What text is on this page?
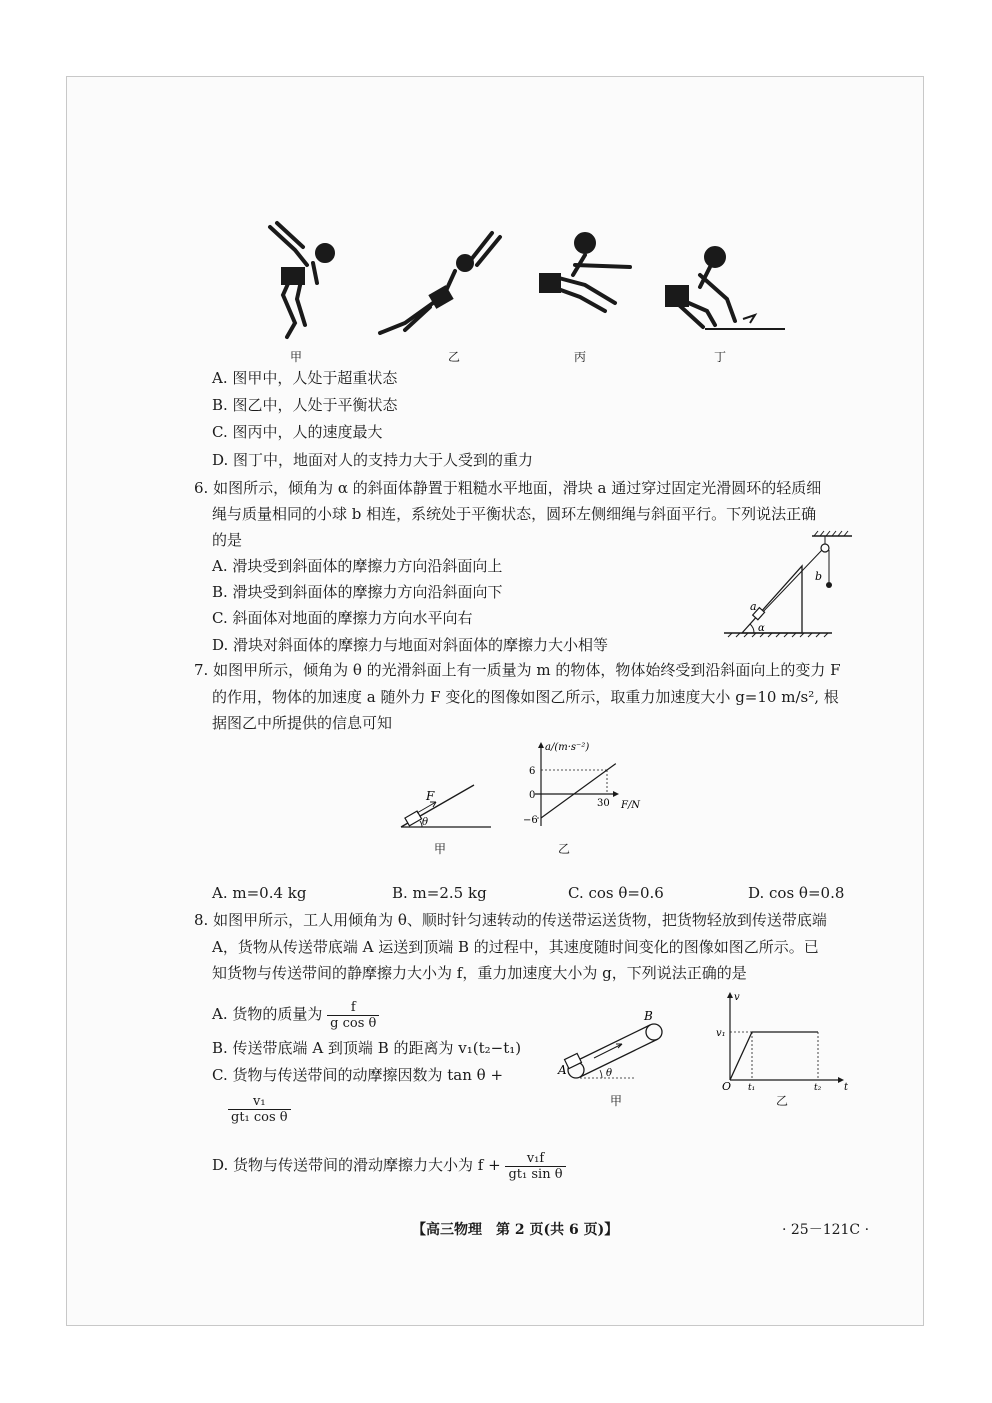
甲	乙	丙	丁
A. 图甲中，人处于超重状态
B. 图乙中，人处于平衡状态
C. 图丙中，人的速度最大
D. 图丁中，地面对人的支持力大于人受到的重力
6. 如图所示，倾角为 α 的斜面体静置于粗糙水平地面，滑块 a 通过穿过固定光滑圆环的轻质细
绳与质量相同的小球 b 相连，系统处于平衡状态，圆环左侧细绳与斜面平行。下列说法正确
的是
A. 滑块受到斜面体的摩擦力方向沿斜面向上
B. 滑块受到斜面体的摩擦力方向沿斜面向下
C. 斜面体对地面的摩擦力方向水平向右
D. 滑块对斜面体的摩擦力与地面对斜面体的摩擦力大小相等
b
a
α
7. 如图甲所示，倾角为 θ 的光滑斜面上有一质量为 m 的物体，物体始终受到沿斜面向上的变力 F
的作用，物体的加速度 a 随外力 F 变化的图像如图乙所示，取重力加速度大小 g=10 m/s², 根
据图乙中所提供的信息可知
F
θ
甲
a/(m·s⁻²)
F/N
30
6
0
−6
乙
A. m=0.4 kg	B. m=2.5 kg	C. cos θ=0.6	D. cos θ=0.8
8. 如图甲所示，工人用倾角为 θ、顺时针匀速转动的传送带运送货物，把货物轻放到传送带底端
A，货物从传送带底端 A 运送到顶端 B 的过程中，其速度随时间变化的图像如图乙所示。已
知货物与传送带间的静摩擦力大小为 f，重力加速度大小为 g，下列说法正确的是
A. 货物的质量为 $\frac{f}{\text{g cos θ}}$
B. 传送带底端 A 到顶端 B 的距离为 v₁(t₂−t₁)
C. 货物与传送带间的动摩擦因数为 tan θ +
$\frac{\text{v₁}}{\text{gt₁ cos θ}}$
D. 货物与传送带间的滑动摩擦力大小为 $f + \frac{\text{v₁f}}{\text{gt₁ sin θ}}$
A
B
θ
甲
v
v₁
O t₁	t₂ t
乙
【高三物理　第 2 页(共 6 页)】	· 25－121C ·
